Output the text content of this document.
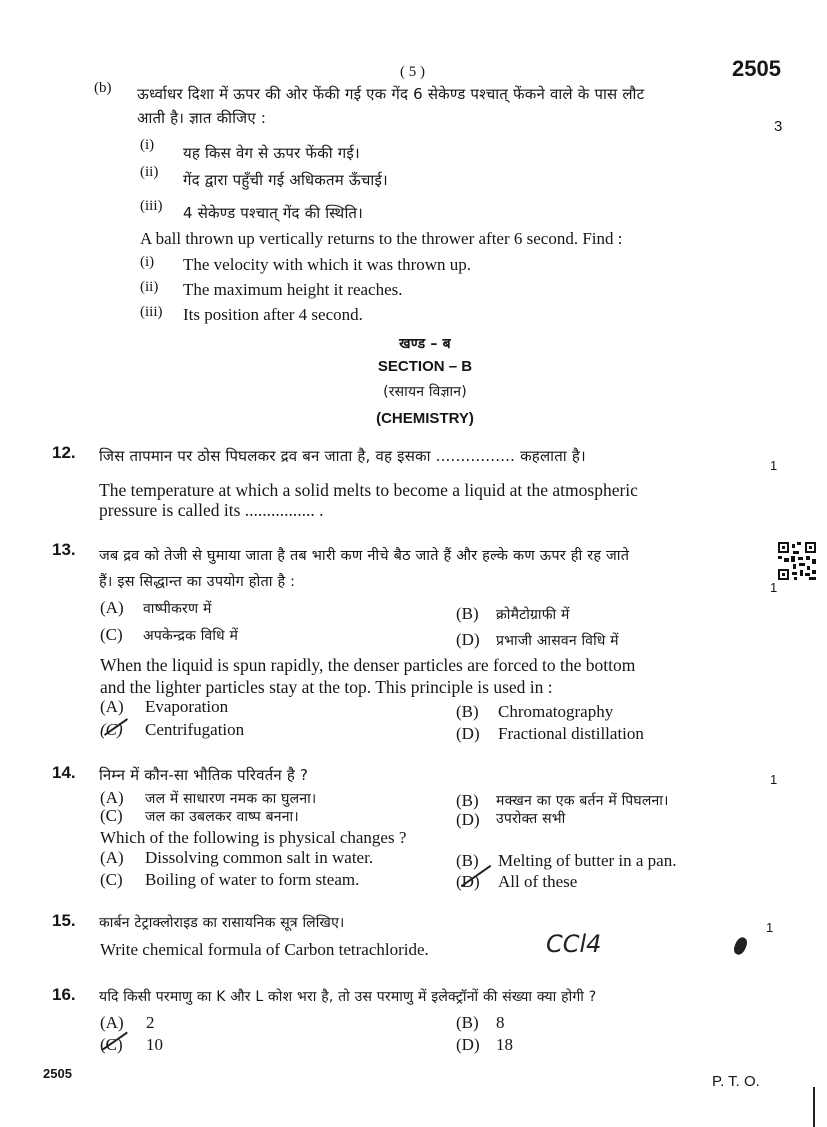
( 5 )	2505
(b) ऊर्ध्वाधर दिशा में ऊपर की ओर फेंकी गई एक गेंद 6 सेकेण्ड पश्चात् फेंकने वाले के पास लौट
आती है। ज्ञात कीजिए :	3
(i) यह किस वेग से ऊपर फेंकी गई।
(ii) गेंद द्वारा पहुँची गई अधिकतम ऊँचाई।
(iii) 4 सेकेण्ड पश्चात् गेंद की स्थिति।
A ball thrown up vertically returns to the thrower after 6 second. Find :
(i) The velocity with which it was thrown up.
(ii) The maximum height it reaches.
(iii) Its position after 4 second.
खण्ड – ब
SECTION – B
(रसायन विज्ञान)
(CHEMISTRY)
12. जिस तापमान पर ठोस पिघलकर द्रव बन जाता है, वह इसका ................ कहलाता है।
1
The temperature at which a solid melts to become a liquid at the atmospheric
pressure is called its ................ .
13. जब द्रव को तेजी से घुमाया जाता है तब भारी कण नीचे बैठ जाते हैं और हल्के कण ऊपर ही रह जाते
हैं। इस सिद्धान्त का उपयोग होता है :	1
(A) वाष्पीकरण में	(B) क्रोमैटोग्राफी में
(C) अपकेन्द्रक विधि में	(D) प्रभाजी आसवन विधि में
When the liquid is spun rapidly, the denser particles are forced to the bottom
and the lighter particles stay at the top. This principle is used in :
(A) Evaporation	(B) Chromatography
(C) Centrifugation	(D) Fractional distillation
14. निम्न में कौन-सा भौतिक परिवर्तन है ?	1
(A) जल में साधारण नमक का घुलना।	(B) मक्खन का एक बर्तन में पिघलना।
(C) जल का उबलकर वाष्प बनना।	(D) उपरोक्त सभी
Which of the following is physical changes ?
(A) Dissolving common salt in water.	(B) Melting of butter in a pan.
(C) Boiling of water to form steam.	(D) All of these
15. कार्बन टेट्राक्लोराइड का रासायनिक सूत्र लिखिए।	1
Write chemical formula of Carbon tetrachloride.	CCl4
16. यदि किसी परमाणु का K और L कोश भरा है, तो उस परमाणु में इलेक्ट्रॉनों की संख्या क्या होगी ?
(A) 2	(B) 8
(C) 10	(D) 18
2505	P. T. O.
